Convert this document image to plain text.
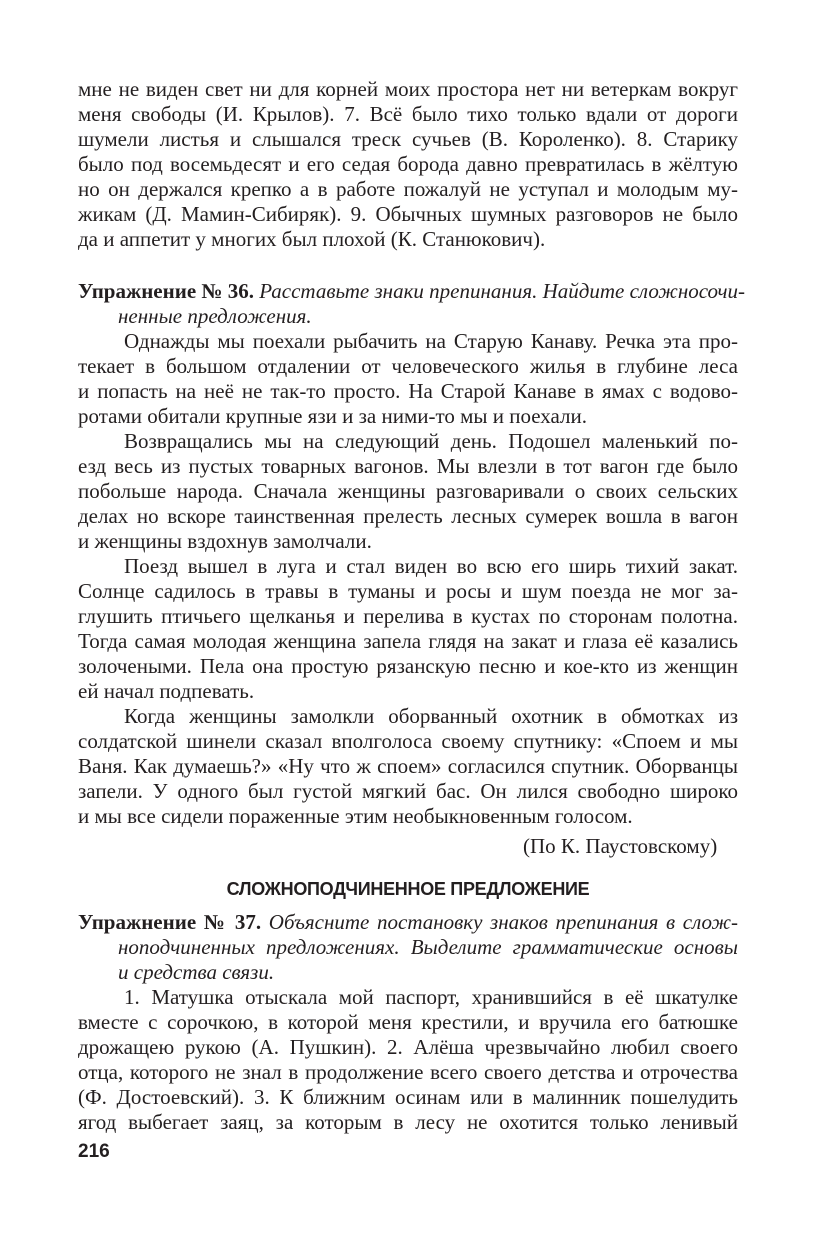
мне не виден свет ни для корней моих простора нет ни ветеркам вокруг
меня свободы (И. Крылов). 7. Всё было тихо только вдали от дороги
шумели листья и слышался треск сучьев (В. Короленко). 8. Старику
было под восемьдесят и его седая борода давно превратилась в жёлтую
но он держался крепко а в работе пожалуй не уступал и молодым му-
жикам (Д. Мамин-Сибиряк). 9. Обычных шумных разговоров не было
да и аппетит у многих был плохой (К. Станюкович).
Упражнение № 36. Расставьте знаки препинания. Найдите сложносочи-
ненные предложения.
Однажды мы поехали рыбачить на Старую Канаву. Речка эта про-
текает в большом отдалении от человеческого жилья в глубине леса
и попасть на неё не так-то просто. На Старой Канаве в ямах с водово-
ротами обитали крупные язи и за ними-то мы и поехали.
Возвращались мы на следующий день. Подошел маленький по-
езд весь из пустых товарных вагонов. Мы влезли в тот вагон где было
побольше народа. Сначала женщины разговаривали о своих сельских
делах но вскоре таинственная прелесть лесных сумерек вошла в вагон
и женщины вздохнув замолчали.
Поезд вышел в луга и стал виден во всю его ширь тихий закат.
Солнце садилось в травы в туманы и росы и шум поезда не мог за-
глушить птичьего щелканья и перелива в кустах по сторонам полотна.
Тогда самая молодая женщина запела глядя на закат и глаза её казались
золочеными. Пела она простую рязанскую песню и кое-кто из женщин
ей начал подпевать.
Когда женщины замолкли оборванный охотник в обмотках из
солдатской шинели сказал вполголоса своему спутнику: «Споем и мы
Ваня. Как думаешь?» «Ну что ж споем» согласился спутник. Оборванцы
запели. У одного был густой мягкий бас. Он лился свободно широко
и мы все сидели пораженные этим необыкновенным голосом.
(По К. Паустовскому)
СЛОЖНОПОДЧИНЕННОЕ ПРЕДЛОЖЕНИЕ
Упражнение № 37. Объясните постановку знаков препинания в слож-
ноподчиненных предложениях. Выделите грамматические основы
и средства связи.
1. Матушка отыскала мой паспорт, хранившийся в её шкатулке
вместе с сорочкою, в которой меня крестили, и вручила его батюшке
дрожащею рукою (А. Пушкин). 2. Алёша чрезвычайно любил своего
отца, которого не знал в продолжение всего своего детства и отрочества
(Ф. Достоевский). 3. К ближним осинам или в малинник пошелудить
ягод выбегает заяц, за которым в лесу не охотится только ленивый
216
